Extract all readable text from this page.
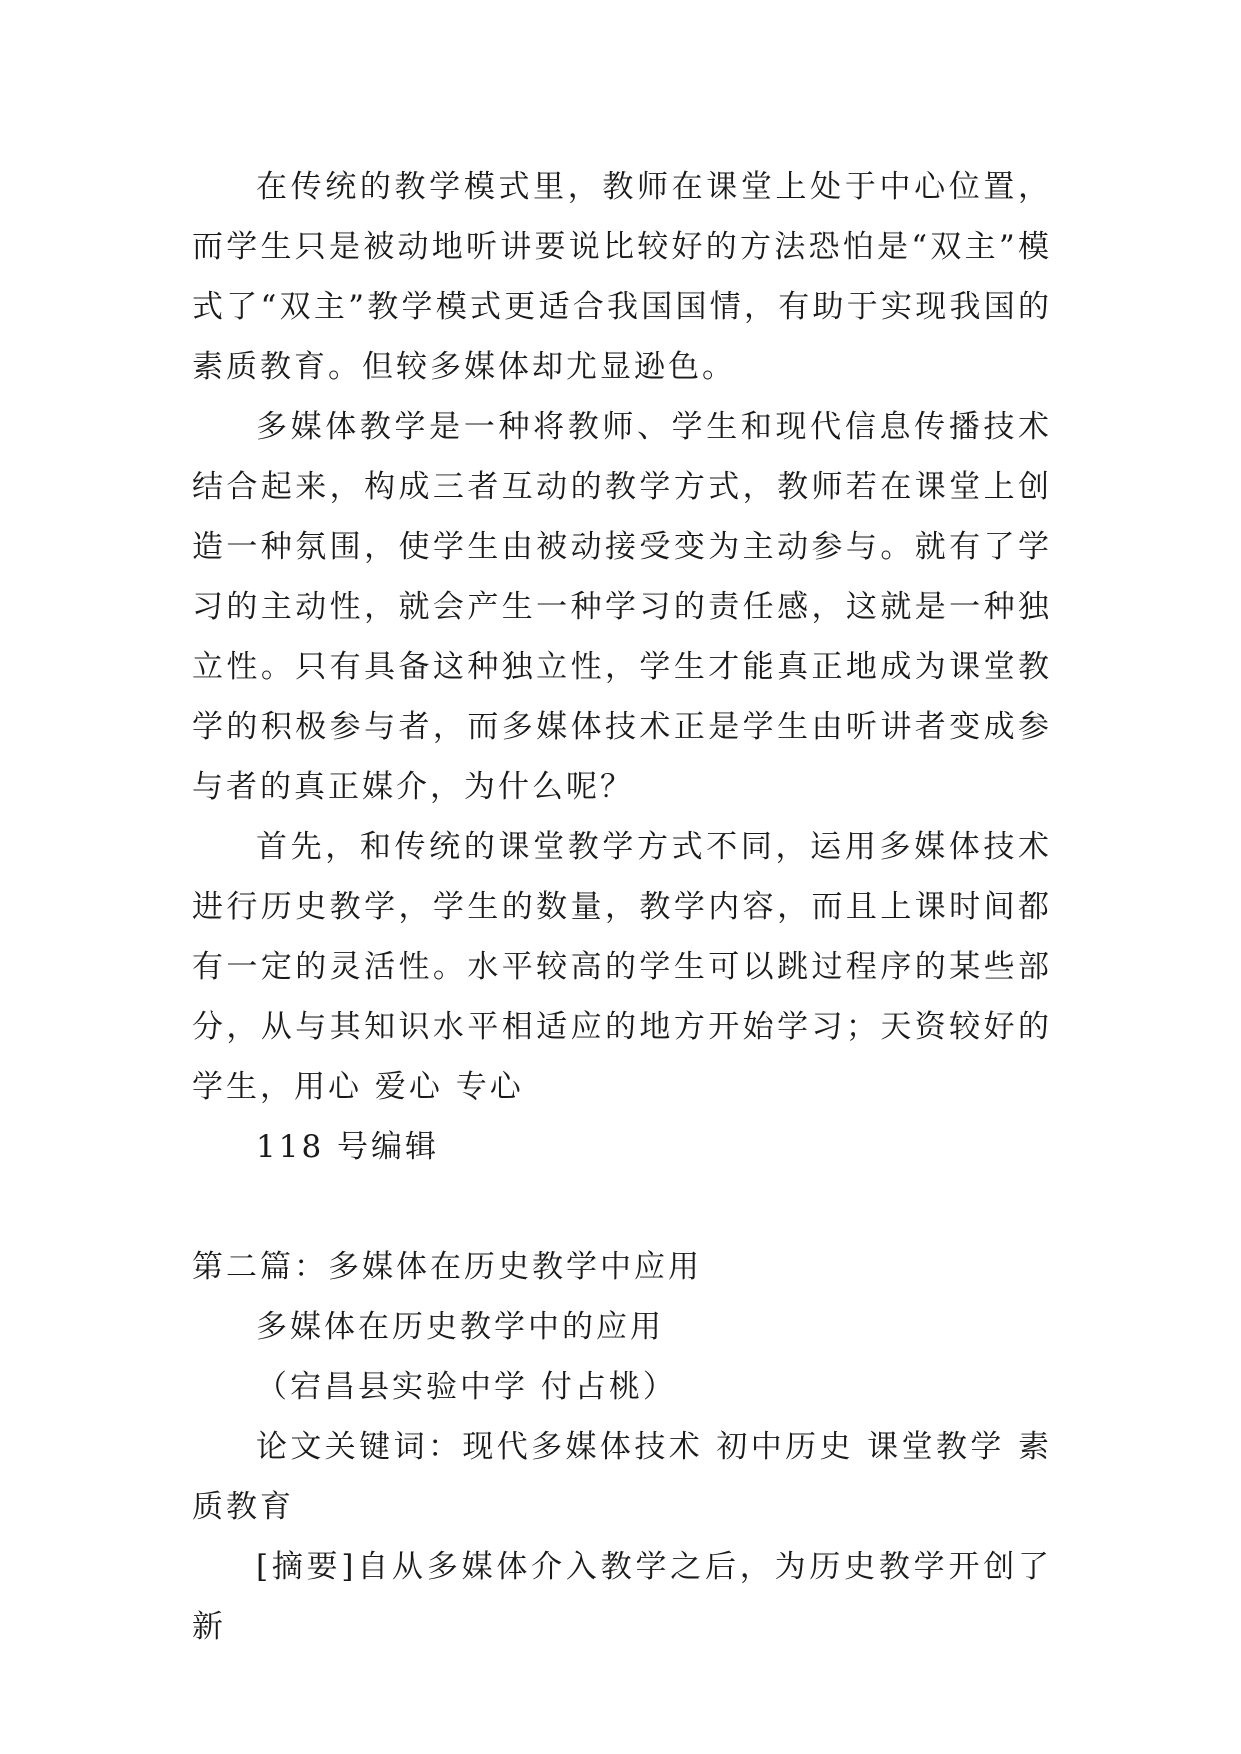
在传统的教学模式里，教师在课堂上处于中心位置，而学生只是被动地听讲要说比较好的方法恐怕是“双主”模式了“双主”教学模式更适合我国国情，有助于实现我国的素质教育。但较多媒体却尤显逊色。

多媒体教学是一种将教师、学生和现代信息传播技术结合起来，构成三者互动的教学方式，教师若在课堂上创造一种氛围，使学生由被动接受变为主动参与。就有了学习的主动性，就会产生一种学习的责任感，这就是一种独立性。只有具备这种独立性，学生才能真正地成为课堂教学的积极参与者，而多媒体技术正是学生由听讲者变成参与者的真正媒介，为什么呢？

首先，和传统的课堂教学方式不同，运用多媒体技术进行历史教学，学生的数量，教学内容，而且上课时间都有一定的灵活性。水平较高的学生可以跳过程序的某些部分，从与其知识水平相适应的地方开始学习；天资较好的学生，用心 爱心 专心

118 号编辑

第二篇：多媒体在历史教学中应用

多媒体在历史教学中的应用

（宕昌县实验中学 付占桃）

论文关键词：现代多媒体技术 初中历史 课堂教学 素质教育

[摘要]自从多媒体介入教学之后，为历史教学开创了新
